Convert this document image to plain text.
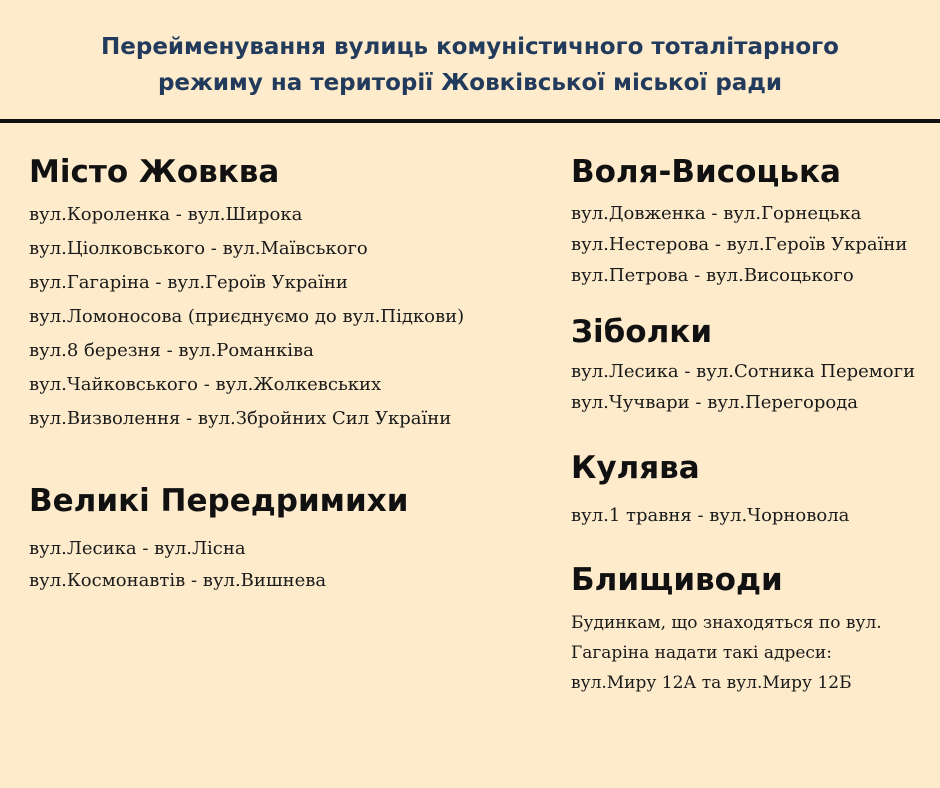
Перейменування вулиць комуністичного тоталітарного
режиму на території Жовківської міської ради
Місто Жовква
вул.Короленка - вул.Широка
вул.Ціолковського - вул.Маївського
вул.Гагаріна - вул.Героїв України
вул.Ломоносова (приєднуємо до вул.Підкови)
вул.8 березня - вул.Романківа
вул.Чайковського - вул.Жолкевських
вул.Визволення - вул.Збройних Сил України
Великі Передримихи
вул.Лесика - вул.Лісна
вул.Космонавтів - вул.Вишнева
Воля-Висоцька
вул.Довженка - вул.Горнецька
вул.Нестерова - вул.Героїв України
вул.Петрова - вул.Висоцького
Зіболки
вул.Лесика - вул.Сотника Перемоги
вул.Чучвари - вул.Перегорода
Кулява
вул.1 травня - вул.Чорновола
Блищиводи

Будинкам, що знаходяться по вул.
Гагаріна надати такі адреси:
вул.Миру 12А та вул.Миру 12Б
